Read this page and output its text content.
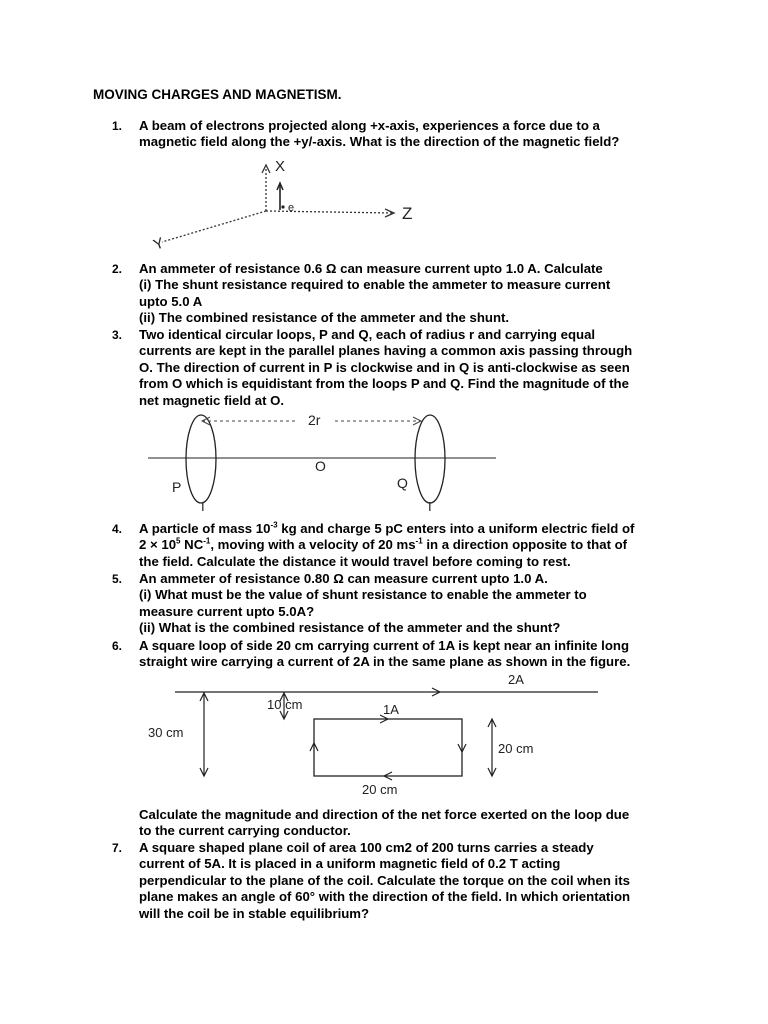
MOVING CHARGES AND MAGNETISM.
1.	A beam of electrons projected along +x-axis, experiences a force due to a
magnetic field along the +y/-axis. What is the direction of the magnetic field?
X
Z
Y
e
2.	An ammeter of resistance 0.6 Ω can measure current upto 1.0 A. Calculate
(i) The shunt resistance required to enable the ammeter to measure current
upto 5.0 A
(ii) The combined resistance of the ammeter and the shunt.
3.	Two identical circular loops, P and Q, each of radius r and carrying equal
currents are kept in the parallel planes having a common axis passing through
O. The direction of current in P is clockwise and in Q is anti-clockwise as seen
from O which is equidistant from the loops P and Q. Find the magnitude of the
net magnetic field at O.
2r
O
P	Q
I	I
4.	A particle of mass $10^{-3}$ kg and charge 5 pC enters into a uniform electric field of
$2 \times 10^5$ $NC^{-1}$, moving with a velocity of 20 $ms^{-1}$ in a direction opposite to that of
the field. Calculate the distance it would travel before coming to rest.
5.	An ammeter of resistance 0.80 Ω can measure current upto 1.0 A.
(i) What must be the value of shunt resistance to enable the ammeter to
measure current upto 5.0A?
(ii) What is the combined resistance of the ammeter and the shunt?
6.	A square loop of side 20 cm carrying current of 1A is kept near an infinite long
straight wire carrying a current of 2A in the same plane as shown in the figure.
2A
30 cm
10 cm	1A
20 cm
20 cm
Calculate the magnitude and direction of the net force exerted on the loop due
to the current carrying conductor.
7.	A square shaped plane coil of area 100 cm2 of 200 turns carries a steady
current of 5A. It is placed in a uniform magnetic field of 0.2 T acting
perpendicular to the plane of the coil. Calculate the torque on the coil when its
plane makes an angle of 60° with the direction of the field. In which orientation
will the coil be in stable equilibrium?
